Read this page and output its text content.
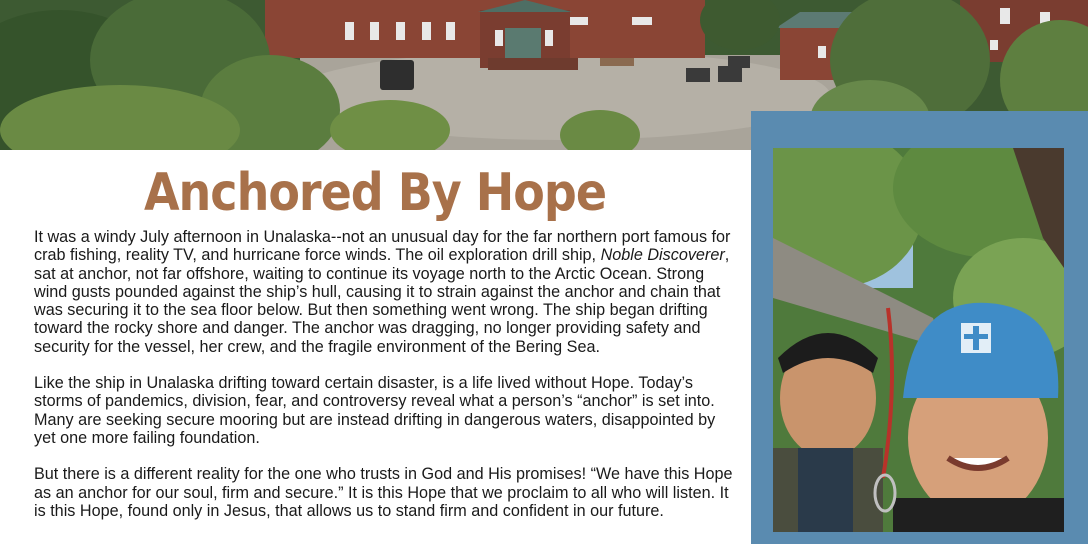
Anchored By Hope

It was a windy July afternoon in Unalaska--not an unusual day for the far northern port famous for crab fishing, reality TV, and hurricane force winds. The oil exploration drill ship, Noble Discoverer, sat at anchor, not far offshore, waiting to continue its voyage north to the Arctic Ocean. Strong wind gusts pounded against the ship’s hull, causing it to strain against the anchor and chain that was securing it to the sea floor below. But then something went wrong. The ship began drifting toward the rocky shore and danger. The anchor was dragging, no longer providing safety and security for the vessel, her crew, and the fragile environment of the Bering Sea.

Like the ship in Unalaska drifting toward certain disaster, is a life lived without Hope. Today’s storms of pandemics, division, fear, and controversy reveal what a person’s “anchor” is set into. Many are seeking secure mooring but are instead drifting in dangerous waters, disappointed by yet one more failing foundation.

But there is a different reality for the one who trusts in God and His promises! “We have this Hope as an anchor for our soul, firm and secure.” It is this Hope that we proclaim to all who will listen. It is this Hope, found only in Jesus, that allows us to stand firm and confident in our future.
